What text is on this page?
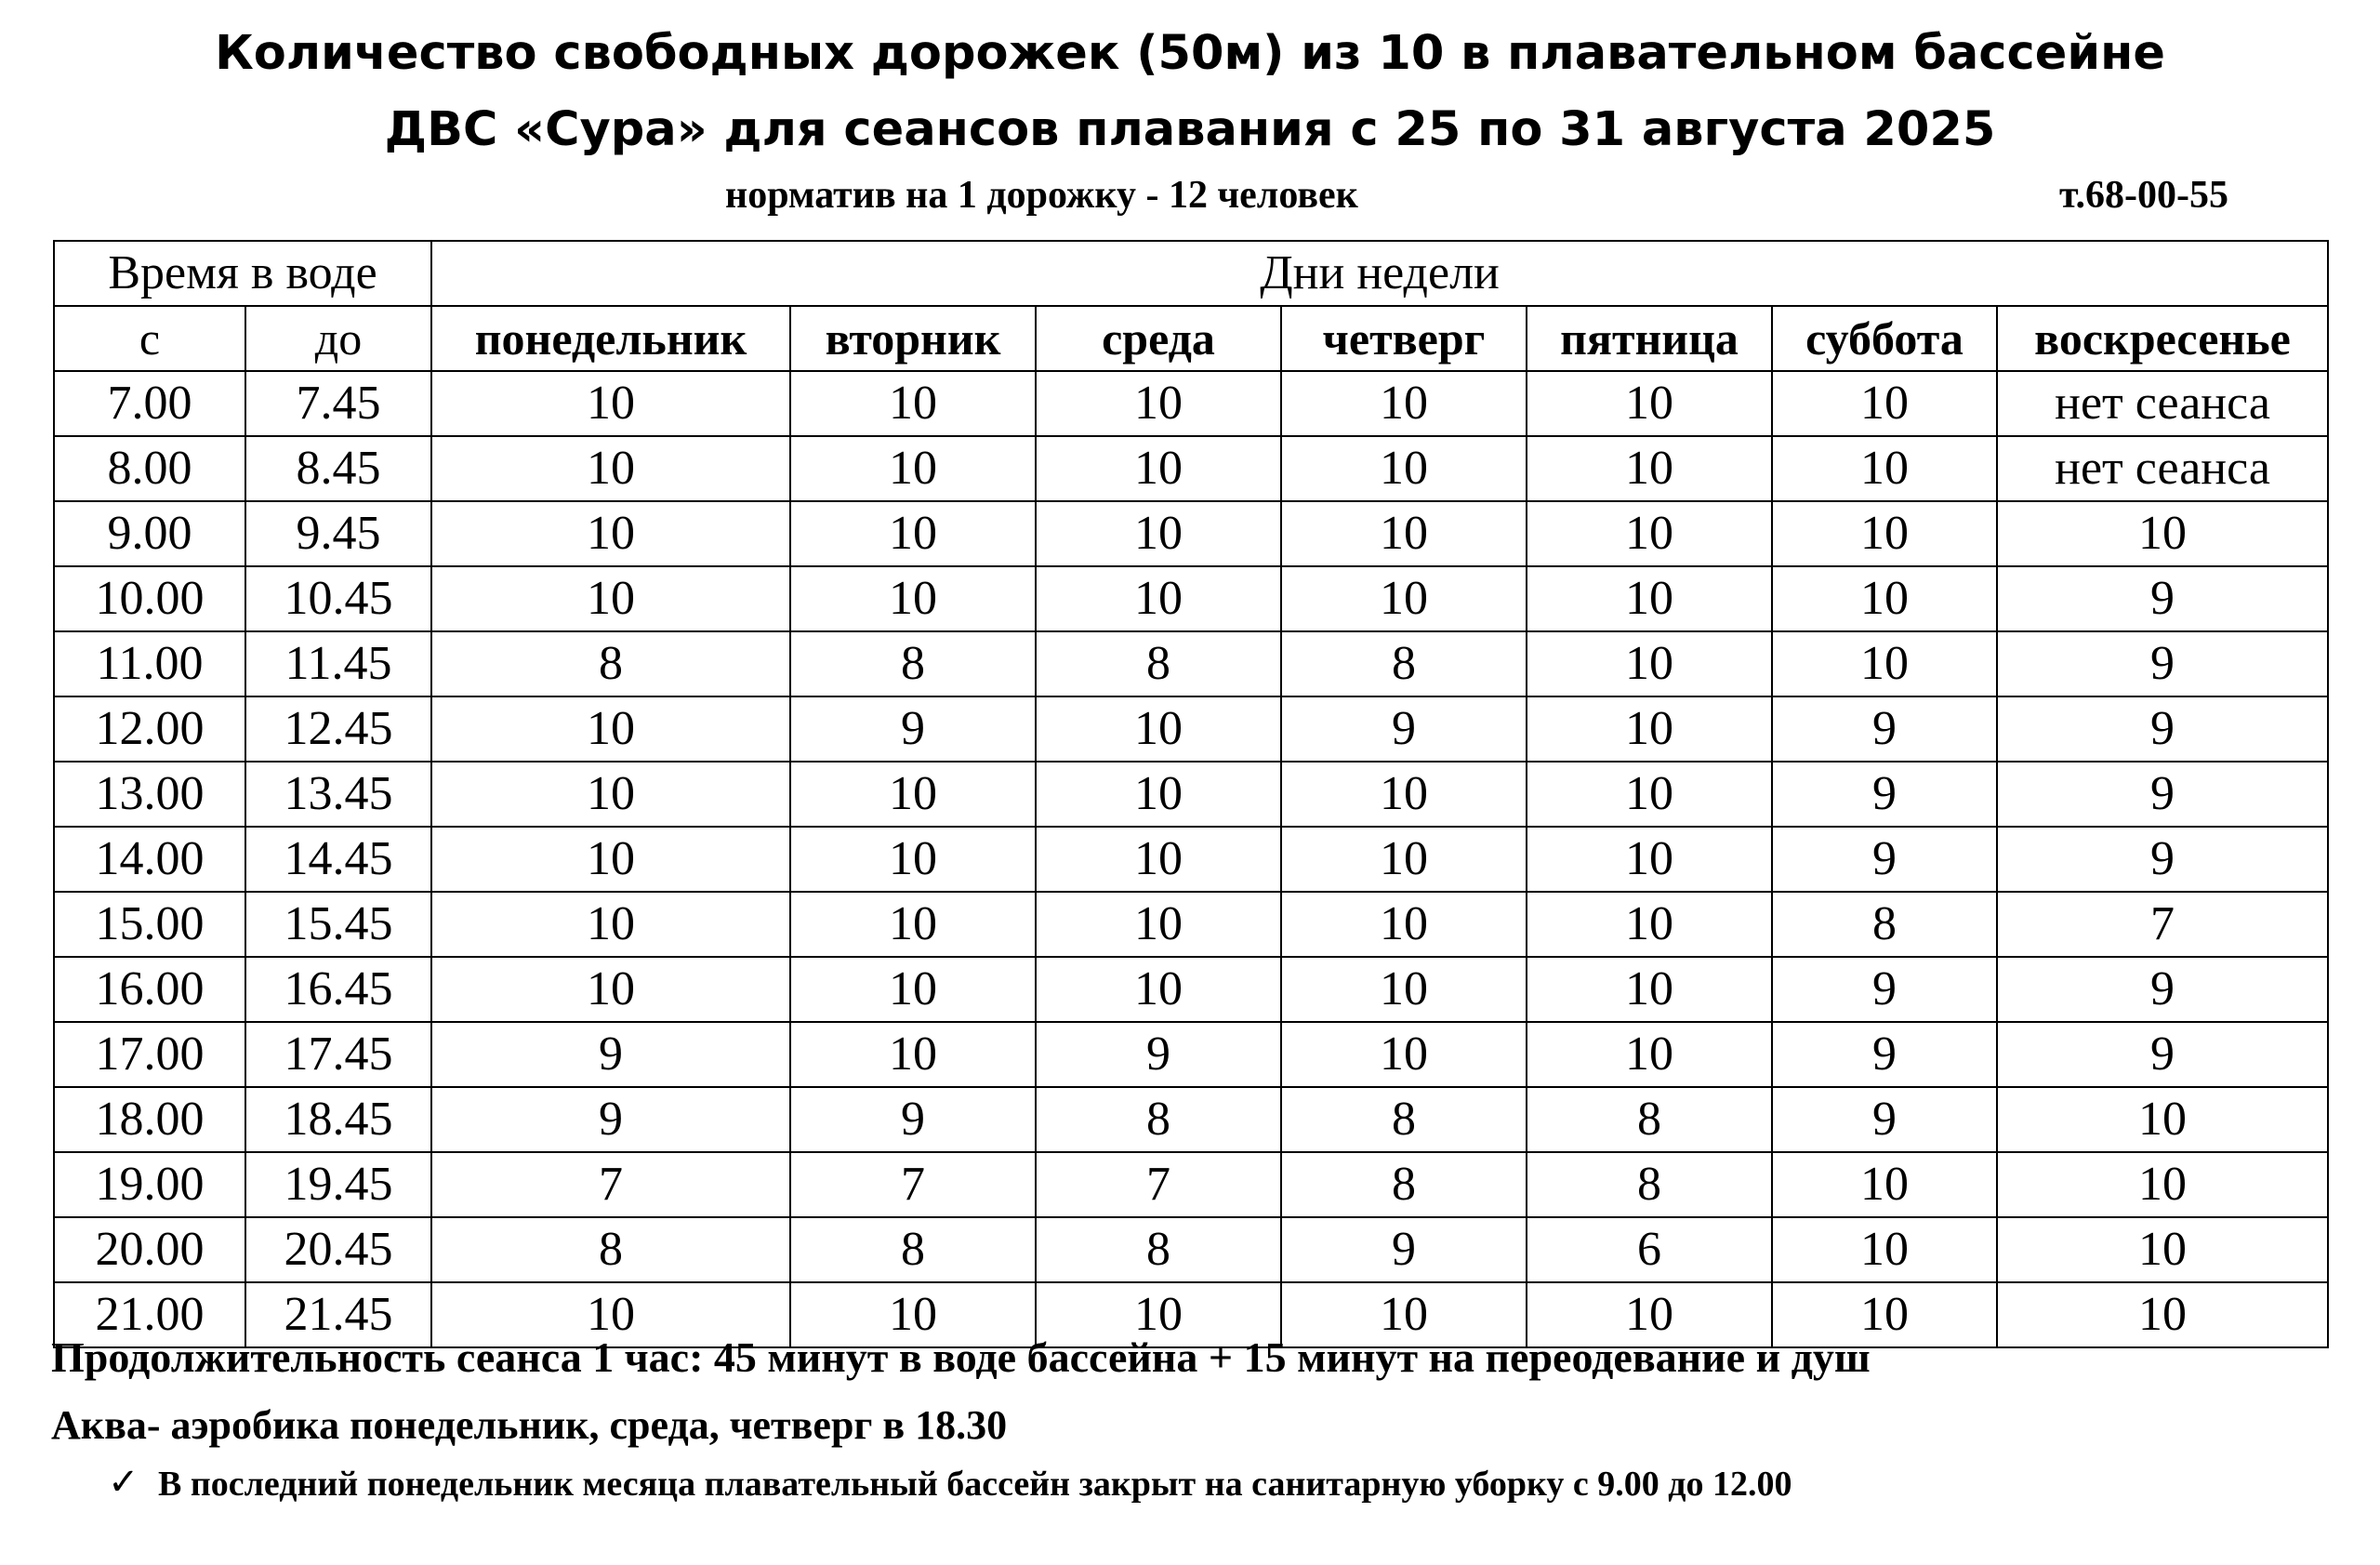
Количество свободных дорожек (50м) из 10 в плавательном бассейне
ДВС «Сура» для сеансов плавания с 25 по 31 августа 2025
норматив на 1 дорожку - 12 человек	т.68-00-55
Время в воде		Дни недели						
с	до	понедельник	вторник	среда	четверг	пятница	суббота	воскресенье
7.00	7.45	10	10	10	10	10	10	нет сеанса
8.00	8.45	10	10	10	10	10	10	нет сеанса
9.00	9.45	10	10	10	10	10	10	10
10.00	10.45	10	10	10	10	10	10	9
11.00	11.45	8	8	8	8	10	10	9
12.00	12.45	10	9	10	9	10	9	9
13.00	13.45	10	10	10	10	10	9	9
14.00	14.45	10	10	10	10	10	9	9
15.00	15.45	10	10	10	10	10	8	7
16.00	16.45	10	10	10	10	10	9	9
17.00	17.45	9	10	9	10	10	9	9
18.00	18.45	9	9	8	8	8	9	10
19.00	19.45	7	7	7	8	8	10	10
20.00	20.45	8	8	8	9	6	10	10
21.00	21.45	10	10	10	10	10	10	10
Продолжительность сеанса 1 час: 45 минут в воде бассейна + 15 минут на переодевание и душ
Аква- аэробика понедельник, среда, четверг в 18.30
✓ В последний понедельник месяца плавательный бассейн закрыт на санитарную уборку с 9.00 до 12.00
